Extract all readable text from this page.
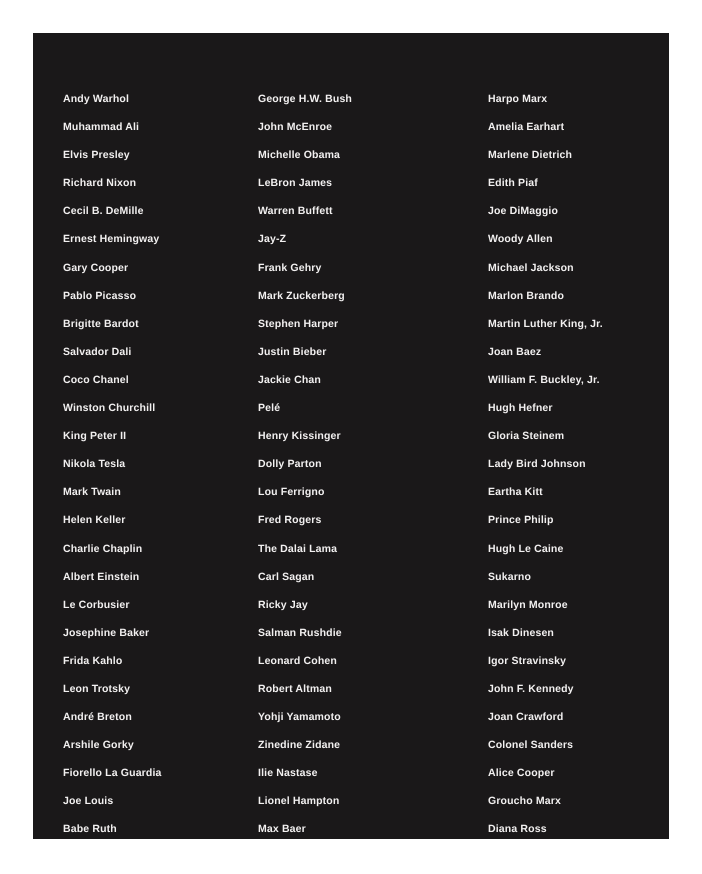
Andy Warhol
Muhammad Ali
Elvis Presley
Richard Nixon
Cecil B. DeMille
Ernest Hemingway
Gary Cooper
Pablo Picasso
Brigitte Bardot
Salvador Dali
Coco Chanel
Winston Churchill
King Peter II
Nikola Tesla
Mark Twain
Helen Keller
Charlie Chaplin
Albert Einstein
Le Corbusier
Josephine Baker
Frida Kahlo
Leon Trotsky
André Breton
Arshile Gorky
Fiorello La Guardia
Joe Louis
Babe Ruth
George H.W. Bush
John McEnroe
Michelle Obama
LeBron James
Warren Buffett
Jay-Z
Frank Gehry
Mark Zuckerberg
Stephen Harper
Justin Bieber
Jackie Chan
Pelé
Henry Kissinger
Dolly Parton
Lou Ferrigno
Fred Rogers
The Dalai Lama
Carl Sagan
Ricky Jay
Salman Rushdie
Leonard Cohen
Robert Altman
Yohji Yamamoto
Zinedine Zidane
Ilie Nastase
Lionel Hampton
Max Baer
Harpo Marx
Amelia Earhart
Marlene Dietrich
Edith Piaf
Joe DiMaggio
Woody Allen
Michael Jackson
Marlon Brando
Martin Luther King, Jr.
Joan Baez
William F. Buckley, Jr.
Hugh Hefner
Gloria Steinem
Lady Bird Johnson
Eartha Kitt
Prince Philip
Hugh Le Caine
Sukarno
Marilyn Monroe
Isak Dinesen
Igor Stravinsky
John F. Kennedy
Joan Crawford
Colonel Sanders
Alice Cooper
Groucho Marx
Diana Ross
